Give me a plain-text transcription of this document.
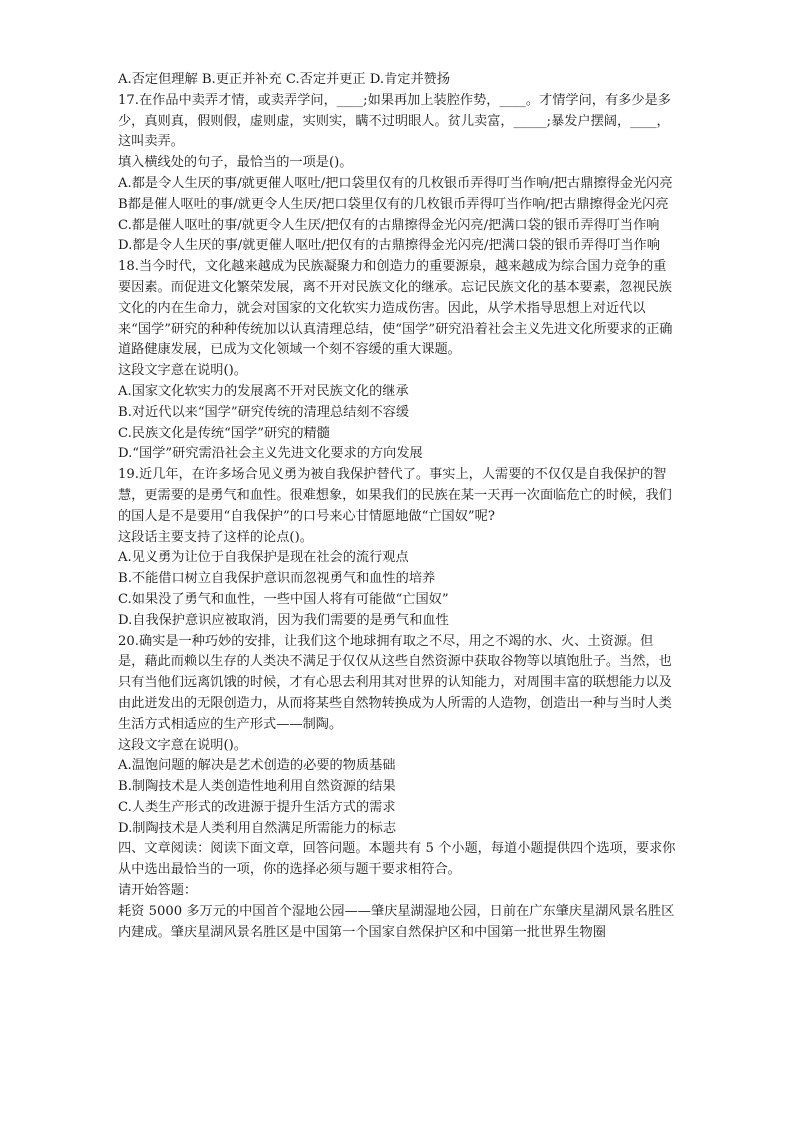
A.否定但理解 B.更正并补充 C.否定并更正 D.肯定并赞扬

17.在作品中卖弄才情，或卖弄学问，____;如果再加上装腔作势，____。才情学问，有多少是多少，真则真，假则假，虚则虚，实则实，瞒不过明眼人。贫儿卖富，_____;暴发户摆阔，____，这叫卖弄。

填入横线处的句子，最恰当的一项是()。

A.都是令人生厌的事/就更催人呕吐/把口袋里仅有的几枚银币弄得叮当作响/把古鼎擦得金光闪亮

B都是催人呕吐的事/就更令人生厌/把口袋里仅有的几枚银币弄得叮当作响/把古鼎擦得金光闪亮

C.都是催人呕吐的事/就更令人生厌/把仅有的古鼎擦得金光闪亮/把满口袋的银币弄得叮当作响

D.都是令人生厌的事/就更催人呕吐/把仅有的古鼎擦得金光闪亮/把满口袋的银币弄得叮当作响

18.当今时代，文化越来越成为民族凝聚力和创造力的重要源泉，越来越成为综合国力竞争的重要因素。而促进文化繁荣发展，离不开对民族文化的继承。忘记民族文化的基本要素，忽视民族文化的内在生命力，就会对国家的文化软实力造成伤害。因此，从学术指导思想上对近代以来“国学”研究的种种传统加以认真清理总结，使“国学”研究沿着社会主义先进文化所要求的正确道路健康发展，已成为文化领域一个刻不容缓的重大课题。

这段文字意在说明()。

A.国家文化软实力的发展离不开对民族文化的继承

B.对近代以来“国学”研究传统的清理总结刻不容缓

C.民族文化是传统“国学”研究的精髓

D.“国学”研究需沿社会主义先进文化要求的方向发展

19.近几年，在许多场合见义勇为被自我保护替代了。事实上，人需要的不仅仅是自我保护的智慧，更需要的是勇气和血性。很难想象，如果我们的民族在某一天再一次面临危亡的时候，我们的国人是不是要用“自我保护”的口号来心甘情愿地做“亡国奴”呢?

这段话主要支持了这样的论点()。

A.见义勇为让位于自我保护是现在社会的流行观点

B.不能借口树立自我保护意识而忽视勇气和血性的培养

C.如果没了勇气和血性，一些中国人将有可能做“亡国奴”

D.自我保护意识应被取消，因为我们需要的是勇气和血性

20.确实是一种巧妙的安排，让我们这个地球拥有取之不尽，用之不竭的水、火、土资源。但是，藉此而赖以生存的人类决不满足于仅仅从这些自然资源中获取谷物等以填饱肚子。当然，也只有当他们远离饥饿的时候，才有心思去利用其对世界的认知能力，对周围丰富的联想能力以及由此迸发出的无限创造力，从而将某些自然物转换成为人所需的人造物，创造出一种与当时人类生活方式相适应的生产形式——制陶。

这段文字意在说明()。

A.温饱问题的解决是艺术创造的必要的物质基础

B.制陶技术是人类创造性地利用自然资源的结果

C.人类生产形式的改进源于提升生活方式的需求

D.制陶技术是人类利用自然满足所需能力的标志

四、文章阅读：阅读下面文章，回答问题。本题共有 5 个小题，每道小题提供四个选项，要求你从中选出最恰当的一项，你的选择必须与题干要求相符合。

请开始答题：

耗资 5000 多万元的中国首个湿地公园——肇庆星湖湿地公园，日前在广东肇庆星湖风景名胜区内建成。肇庆星湖风景名胜区是中国第一个国家自然保护区和中国第一批世界生物圈
